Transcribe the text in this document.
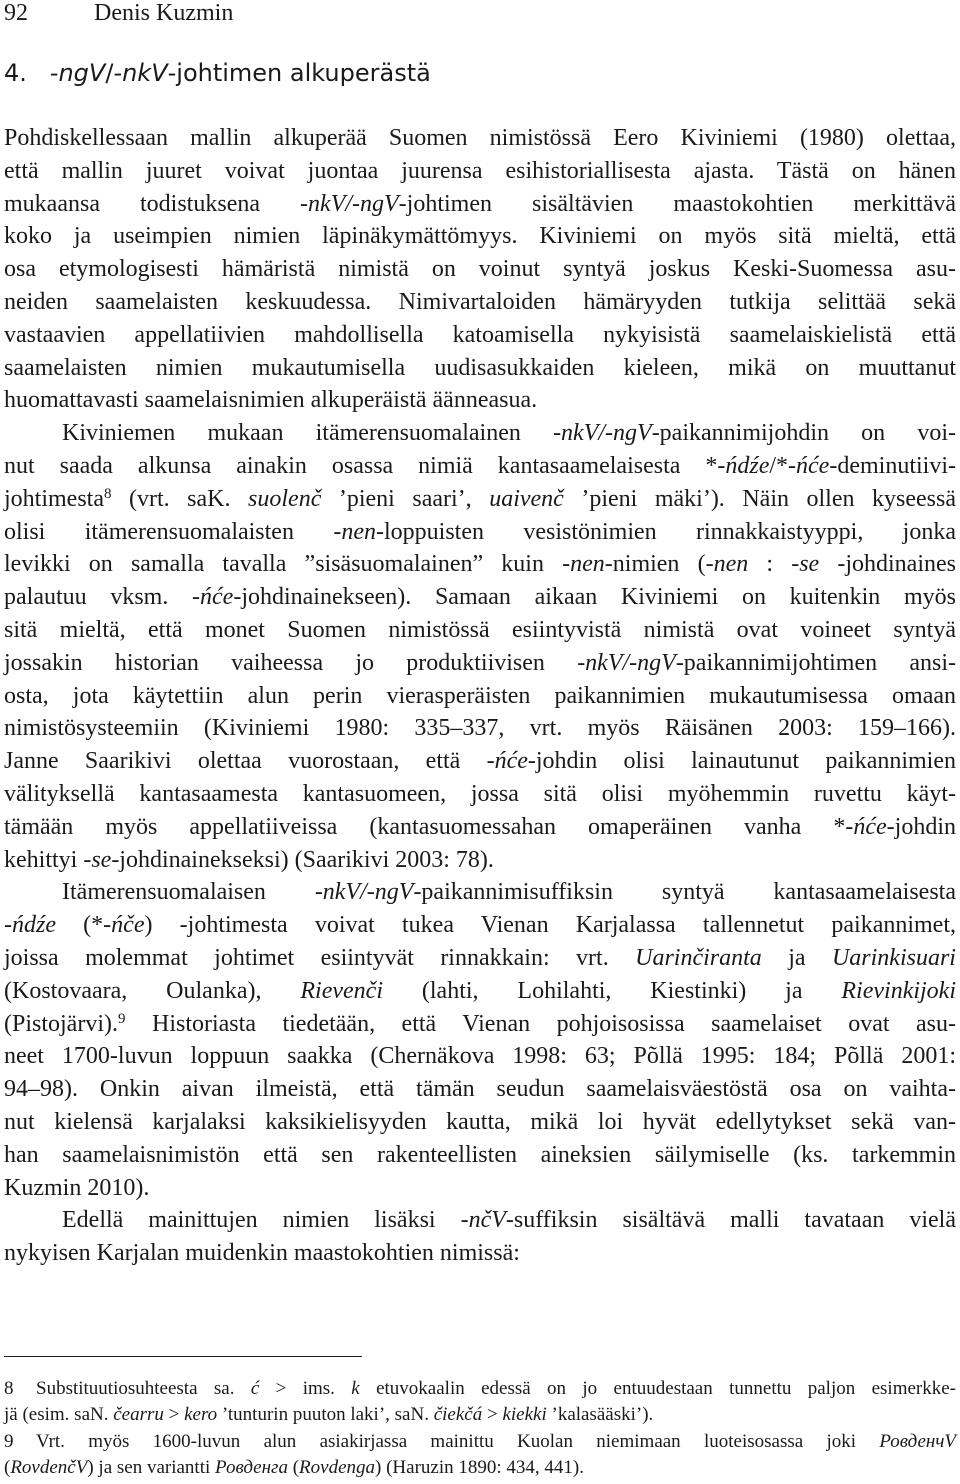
92	Denis Kuzmin
4. -ngV/-nkV-johtimen alkuperästä

Pohdiskellessaan mallin alkuperää Suomen nimistössä Eero Kiviniemi (1980) olettaa,
että mallin juuret voivat juontaa juurensa esihistoriallisesta ajasta. Tästä on hänen
mukaansa todistuksena -nkV/-ngV-johtimen sisältävien maastokohtien merkittävä
koko ja useimpien nimien läpinäkymättömyys. Kiviniemi on myös sitä mieltä, että
osa etymologisesti hämäristä nimistä on voinut syntyä joskus Keski-Suomessa asu-
neiden saamelaisten keskuudessa. Nimivartaloiden hämäryyden tutkija selittää sekä
vastaavien appellatiivien mahdollisella katoamisella nykyisistä saamelaiskielistä että
saamelaisten nimien mukautumisella uudisasukkaiden kieleen, mikä on muuttanut
huomattavasti saamelaisnimien alkuperäistä äänneasua.

Kiviniemen mukaan itämerensuomalainen -nkV/-ngV-paikannimijohdin on voi-
nut saada alkunsa ainakin osassa nimiä kantasaamelaisesta *-ńdźe/*-ńće-deminutiivi-
johtimesta$^8$ (vrt. saK. suolenč ’pieni saari’, uaivenč ’pieni mäki’). Näin ollen kyseessä
olisi itämerensuomalaisten -nen-loppuisten vesistönimien rinnakkaistyyppi, jonka
levikki on samalla tavalla ”sisäsuomalainen” kuin -nen-nimien (-nen : -se -johdinaines
palautuu vksm. -ńće-johdinainekseen). Samaan aikaan Kiviniemi on kuitenkin myös
sitä mieltä, että monet Suomen nimistössä esiintyvistä nimistä ovat voineet syntyä
jossakin historian vaiheessa jo produktiivisen -nkV/-ngV-paikannimijohtimen ansi-
osta, jota käytettiin alun perin vierasperäisten paikannimien mukautumisessa omaan
nimistösysteemiin (Kiviniemi 1980: 335–337, vrt. myös Räisänen 2003: 159–166).
Janne Saarikivi olettaa vuorostaan, että -ńće-johdin olisi lainautunut paikannimien
välityksellä kantasaamesta kantasuomeen, jossa sitä olisi myöhemmin ruvettu käyt-
tämään myös appellatiiveissa (kantasuomessahan omaperäinen vanha *-ńće-johdin
kehittyi -se-johdinainekseksi) (Saarikivi 2003: 78).

Itämerensuomalaisen -nkV/-ngV-paikannimisuffiksin syntyä kantasaamelaisesta
-ńdźe (*-ńče) -johtimesta voivat tukea Vienan Karjalassa tallennetut paikannimet,
joissa molemmat johtimet esiintyvät rinnakkain: vrt. Uarinčiranta ja Uarinkisuari
(Kostovaara, Oulanka), Rievenči (lahti, Lohilahti, Kiestinki) ja Rievinkijoki
(Pistojärvi).$^9$ Historiasta tiedetään, että Vienan pohjoisosissa saamelaiset ovat asu-
neet 1700-luvun loppuun saakka (Chernäkova 1998: 63; Põllä 1995: 184; Põllä 2001:
94–98). Onkin aivan ilmeistä, että tämän seudun saamelaisväestöstä osa on vaihta-
nut kielensä karjalaksi kaksikielisyyden kautta, mikä loi hyvät edellytykset sekä van-
han saamelaisnimistön että sen rakenteellisten aineksien säilymiselle (ks. tarkemmin
Kuzmin 2010).

Edellä mainittujen nimien lisäksi -nčV-suffiksin sisältävä malli tavataan vielä
nykyisen Karjalan muidenkin maastokohtien nimissä:

8 Substituutiosuhteesta sa. ć > ims. k etuvokaalin edessä on jo entuudestaan tunnettu paljon esimerkke-
jä (esim. saN. čearru > kero ’tunturin puuton laki’, saN. čiekčá > kiekki ’kalasääski’).

9 Vrt. myös 1600-luvun alun asiakirjassa mainittu Kuolan niemimaan luoteisosassa joki РовденчV
(RovdenčV) ja sen variantti Ровденга (Rovdenga) (Haruzin 1890: 434, 441).
